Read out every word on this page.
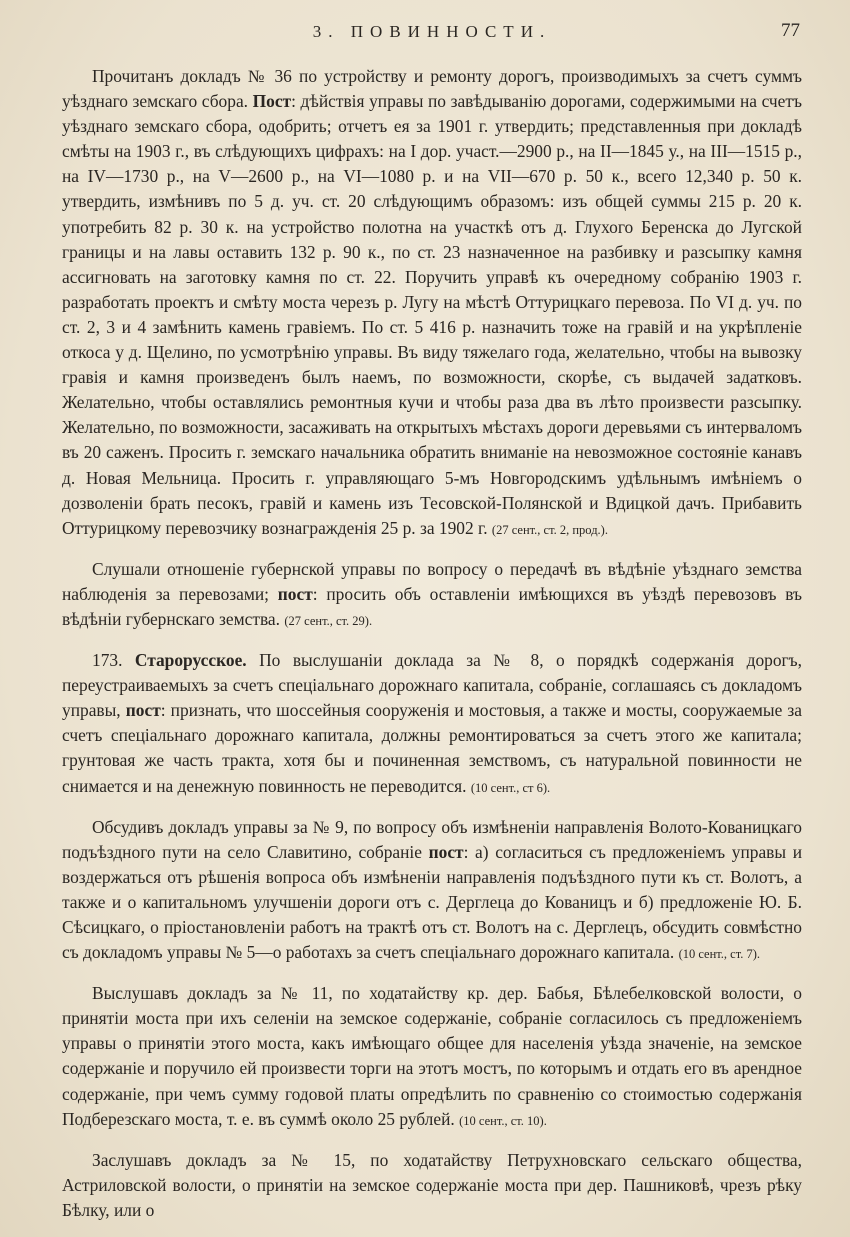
3. ПОВИННОСТИ.	77

Прочитанъ докладъ № 36 по устройству и ремонту дорогъ, производимыхъ за счетъ суммъ уѣзднаго земскаго сбора. Пост: дѣйствія управы по завѣдыванію дорогами, содержимыми на счетъ уѣзднаго земскаго сбора, одобрить; отчетъ ея за 1901 г. утвердить; представленныя при докладѣ смѣты на 1903 г., въ слѣдующихъ цифрахъ: на I дор. участ.—2900 р., на II—1845 у., на III—1515 р., на IV—1730 р., на V—2600 р., на VI—1080 р. и на VII—670 р. 50 к., всего 12,340 р. 50 к. утвердить, измѣнивъ по 5 д. уч. ст. 20 слѣдующимъ образомъ: изъ общей суммы 215 р. 20 к. употребить 82 р. 30 к. на устройство полотна на участкѣ отъ д. Глухого Беренска до Лугской границы и на лавы оставить 132 р. 90 к., по ст. 23 назначенное на разбивку и разсыпку камня ассигновать на заготовку камня по ст. 22. Поручить управѣ къ очередному собранію 1903 г. разработать проектъ и смѣту моста черезъ р. Лугу на мѣстѣ Оттурицкаго перевоза. По VI д. уч. по ст. 2, 3 и 4 замѣнить камень гравіемъ. По ст. 5 416 р. назначить тоже на гравій и на укрѣпленіе откоса у д. Щелино, по усмотрѣнію управы. Въ виду тяжелаго года, желательно, чтобы на вывозку гравія и камня произведенъ былъ наемъ, по возможности, скорѣе, съ выдачей задатковъ. Желательно, чтобы оставлялись ремонтныя кучи и чтобы раза два въ лѣто произвести разсыпку. Желательно, по возможности, засаживать на открытыхъ мѣстахъ дороги деревьями съ интерваломъ въ 20 саженъ. Просить г. земскаго начальника обратить вниманіе на невозможное состояніе канавъ д. Новая Мельница. Просить г. управляющаго 5-мъ Новгородскимъ удѣльнымъ имѣніемъ о дозволеніи брать песокъ, гравій и камень изъ Тесовской-Полянской и Вдицкой дачъ. Прибавить Оттурицкому перевозчику вознагражденія 25 р. за 1902 г. (27 сент., ст. 2, прод.).

Слушали отношеніе губернской управы по вопросу о передачѣ въ вѣдѣніе уѣзднаго земства наблюденія за перевозами; пост: просить объ оставленіи имѣющихся въ уѣздѣ перевозовъ въ вѣдѣніи губернскаго земства. (27 сент., ст. 29).

173. Старорусское. По выслушаніи доклада за № 8, о порядкѣ содержанія дорогъ, переустраиваемыхъ за счетъ спеціальнаго дорожнаго капитала, собраніе, соглашаясь съ докладомъ управы, пост: признать, что шоссейныя сооруженія и мостовыя, а также и мосты, сооружаемые за счетъ спеціальнаго дорожнаго капитала, должны ремонтироваться за счетъ этого же капитала; грунтовая же часть тракта, хотя бы и починенная земствомъ, съ натуральной повинности не снимается и на денежную повинность не переводится. (10 сент., ст 6).

Обсудивъ докладъ управы за № 9, по вопросу объ измѣненіи направленія Волото-Кованицкаго подъѣздного пути на село Славитино, собраніе пост: а) согласиться съ предложеніемъ управы и воздержаться отъ рѣшенія вопроса объ измѣненіи направленія подъѣздного пути къ ст. Волотъ, а также и о капитальномъ улучшеніи дороги отъ с. Дерглеца до Кованицъ и б) предложеніе Ю. Б. Сѣсицкаго, о пріостановленіи работъ на трактѣ отъ ст. Волотъ на с. Дерглецъ, обсудить совмѣстно съ докладомъ управы № 5—о работахъ за счетъ спеціальнаго дорожнаго капитала. (10 сент., ст. 7).

Выслушавъ докладъ за № 11, по ходатайству кр. дер. Бабья, Бѣлебелковской волости, о принятіи моста при ихъ селеніи на земское содержаніе, собраніе согласилось съ предложеніемъ управы о принятіи этого моста, какъ имѣющаго общее для населенія уѣзда значеніе, на земское содержаніе и поручило ей произвести торги на этотъ мостъ, по которымъ и отдать его въ арендное содержаніе, при чемъ сумму годовой платы опредѣлить по сравненію со стоимостью содержанія Подберезскаго моста, т. е. въ суммѣ около 25 рублей. (10 сент., ст. 10).

Заслушавъ докладъ за № 15, по ходатайству Петрухновскаго сельскаго общества, Астриловской волости, о принятіи на земское содержаніе моста при дер. Пашниковѣ, чрезъ рѣку Бѣлку, или о
